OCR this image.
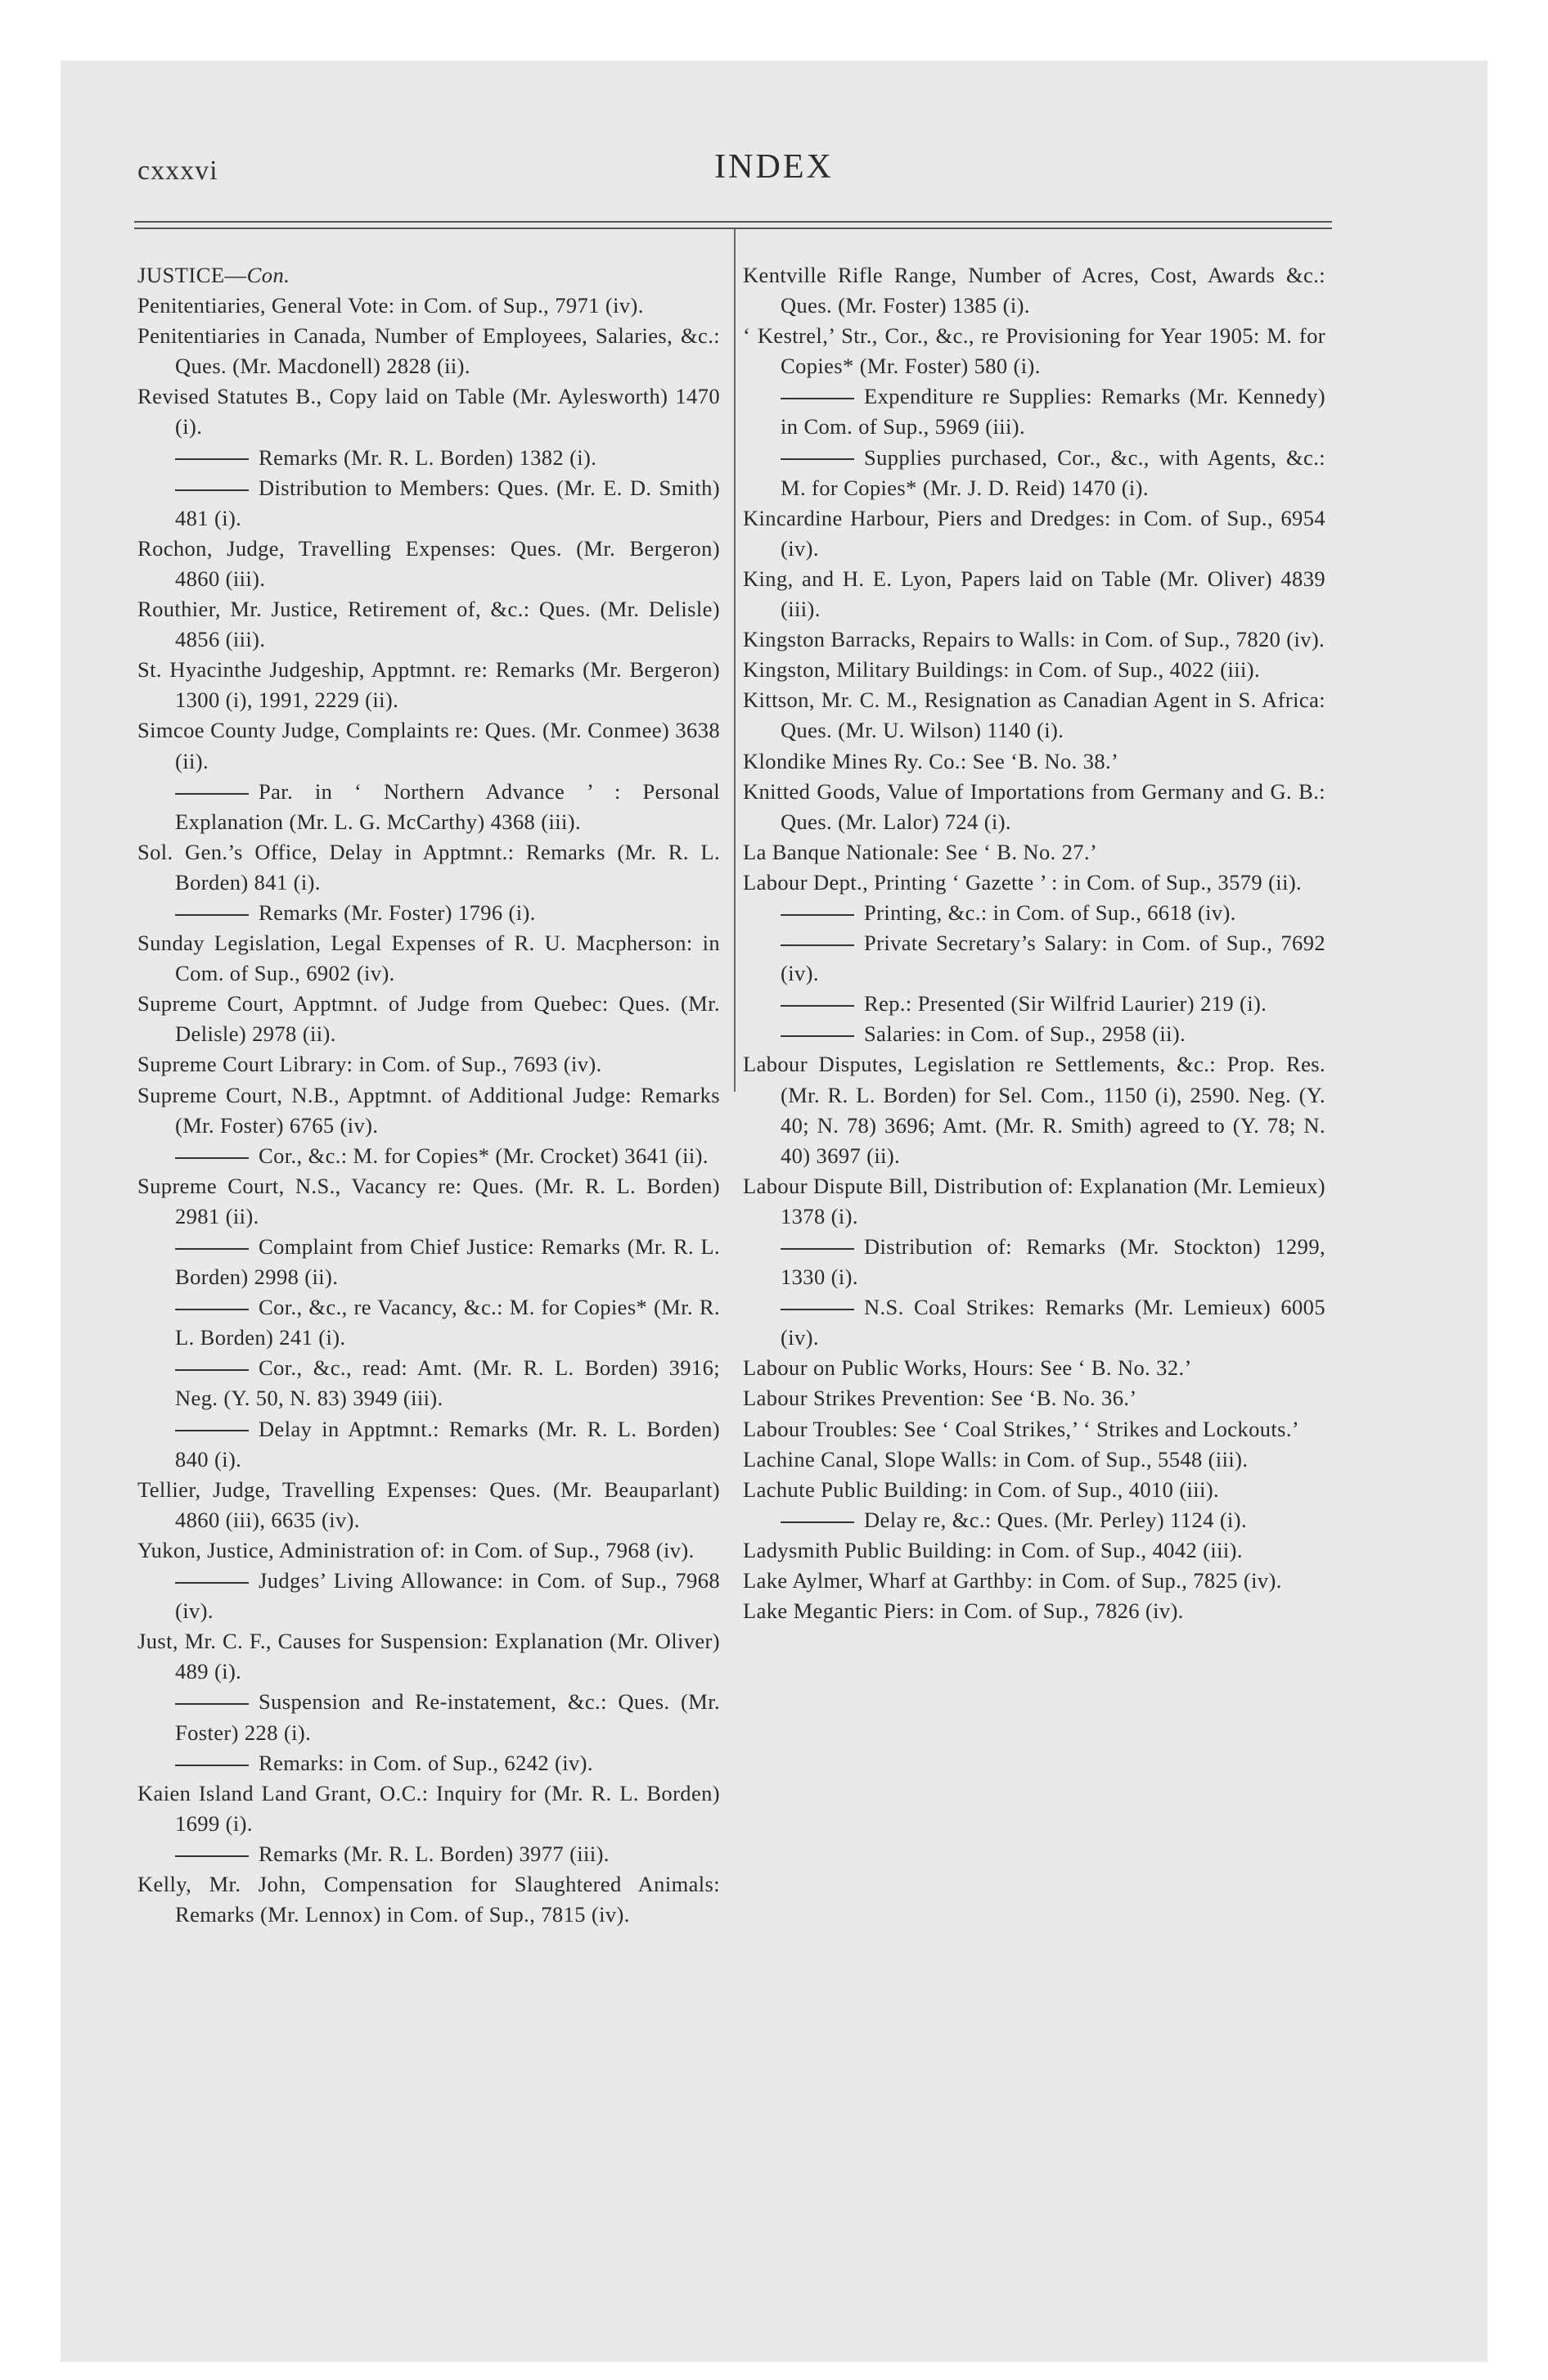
cxxxvi	INDEX

JUSTICE—Con.

Penitentiaries, General Vote: in Com. of Sup., 7971 (iv).

Penitentiaries in Canada, Number of Employees, Salaries, &c.: Ques. (Mr. Macdonell) 2828 (ii).

Revised Statutes B., Copy laid on Table (Mr. Aylesworth) 1470 (i).

Remarks (Mr. R. L. Borden) 1382 (i).

Distribution to Members: Ques. (Mr. E. D. Smith) 481 (i).

Rochon, Judge, Travelling Expenses: Ques. (Mr. Bergeron) 4860 (iii).

Routhier, Mr. Justice, Retirement of, &c.: Ques. (Mr. Delisle) 4856 (iii).

St. Hyacinthe Judgeship, Apptmnt. re: Remarks (Mr. Bergeron) 1300 (i), 1991, 2229 (ii).

Simcoe County Judge, Complaints re: Ques. (Mr. Conmee) 3638 (ii).

Par. in ‘ Northern Advance ’ : Personal Explanation (Mr. L. G. McCarthy) 4368 (iii).

Sol. Gen.’s Office, Delay in Apptmnt.: Remarks (Mr. R. L. Borden) 841 (i).

Remarks (Mr. Foster) 1796 (i).

Sunday Legislation, Legal Expenses of R. U. Macpherson: in Com. of Sup., 6902 (iv).

Supreme Court, Apptmnt. of Judge from Quebec: Ques. (Mr. Delisle) 2978 (ii).

Supreme Court Library: in Com. of Sup., 7693 (iv).

Supreme Court, N.B., Apptmnt. of Additional Judge: Remarks (Mr. Foster) 6765 (iv).

Cor., &c.: M. for Copies* (Mr. Crocket) 3641 (ii).

Supreme Court, N.S., Vacancy re: Ques. (Mr. R. L. Borden) 2981 (ii).

Complaint from Chief Justice: Remarks (Mr. R. L. Borden) 2998 (ii).

Cor., &c., re Vacancy, &c.: M. for Copies* (Mr. R. L. Borden) 241 (i).

Cor., &c., read: Amt. (Mr. R. L. Borden) 3916; Neg. (Y. 50, N. 83) 3949 (iii).

Delay in Apptmnt.: Remarks (Mr. R. L. Borden) 840 (i).

Tellier, Judge, Travelling Expenses: Ques. (Mr. Beauparlant) 4860 (iii), 6635 (iv).

Yukon, Justice, Administration of: in Com. of Sup., 7968 (iv).

Judges’ Living Allowance: in Com. of Sup., 7968 (iv).

Just, Mr. C. F., Causes for Suspension: Explanation (Mr. Oliver) 489 (i).

Suspension and Re-instatement, &c.: Ques. (Mr. Foster) 228 (i).

Remarks: in Com. of Sup., 6242 (iv).

Kaien Island Land Grant, O.C.: Inquiry for (Mr. R. L. Borden) 1699 (i).

Remarks (Mr. R. L. Borden) 3977 (iii).

Kelly, Mr. John, Compensation for Slaughtered Animals: Remarks (Mr. Lennox) in Com. of Sup., 7815 (iv).

Kentville Rifle Range, Number of Acres, Cost, Awards &c.: Ques. (Mr. Foster) 1385 (i).

‘ Kestrel,’ Str., Cor., &c., re Provisioning for Year 1905: M. for Copies* (Mr. Foster) 580 (i).

Expenditure re Supplies: Remarks (Mr. Kennedy) in Com. of Sup., 5969 (iii).

Supplies purchased, Cor., &c., with Agents, &c.: M. for Copies* (Mr. J. D. Reid) 1470 (i).

Kincardine Harbour, Piers and Dredges: in Com. of Sup., 6954 (iv).

King, and H. E. Lyon, Papers laid on Table (Mr. Oliver) 4839 (iii).

Kingston Barracks, Repairs to Walls: in Com. of Sup., 7820 (iv).

Kingston, Military Buildings: in Com. of Sup., 4022 (iii).

Kittson, Mr. C. M., Resignation as Canadian Agent in S. Africa: Ques. (Mr. U. Wilson) 1140 (i).

Klondike Mines Ry. Co.: See ‘B. No. 38.’

Knitted Goods, Value of Importations from Germany and G. B.: Ques. (Mr. Lalor) 724 (i).

La Banque Nationale: See ‘ B. No. 27.’

Labour Dept., Printing ‘ Gazette ’ : in Com. of Sup., 3579 (ii).

Printing, &c.: in Com. of Sup., 6618 (iv).

Private Secretary’s Salary: in Com. of Sup., 7692 (iv).

Rep.: Presented (Sir Wilfrid Laurier) 219 (i).

Salaries: in Com. of Sup., 2958 (ii).

Labour Disputes, Legislation re Settlements, &c.: Prop. Res. (Mr. R. L. Borden) for Sel. Com., 1150 (i), 2590. Neg. (Y. 40; N. 78) 3696; Amt. (Mr. R. Smith) agreed to (Y. 78; N. 40) 3697 (ii).

Labour Dispute Bill, Distribution of: Explanation (Mr. Lemieux) 1378 (i).

Distribution of: Remarks (Mr. Stockton) 1299, 1330 (i).

N.S. Coal Strikes: Remarks (Mr. Lemieux) 6005 (iv).

Labour on Public Works, Hours: See ‘ B. No. 32.’

Labour Strikes Prevention: See ‘B. No. 36.’

Labour Troubles: See ‘ Coal Strikes,’ ‘ Strikes and Lockouts.’

Lachine Canal, Slope Walls: in Com. of Sup., 5548 (iii).

Lachute Public Building: in Com. of Sup., 4010 (iii).

Delay re, &c.: Ques. (Mr. Perley) 1124 (i).

Ladysmith Public Building: in Com. of Sup., 4042 (iii).

Lake Aylmer, Wharf at Garthby: in Com. of Sup., 7825 (iv).

Lake Megantic Piers: in Com. of Sup., 7826 (iv).
